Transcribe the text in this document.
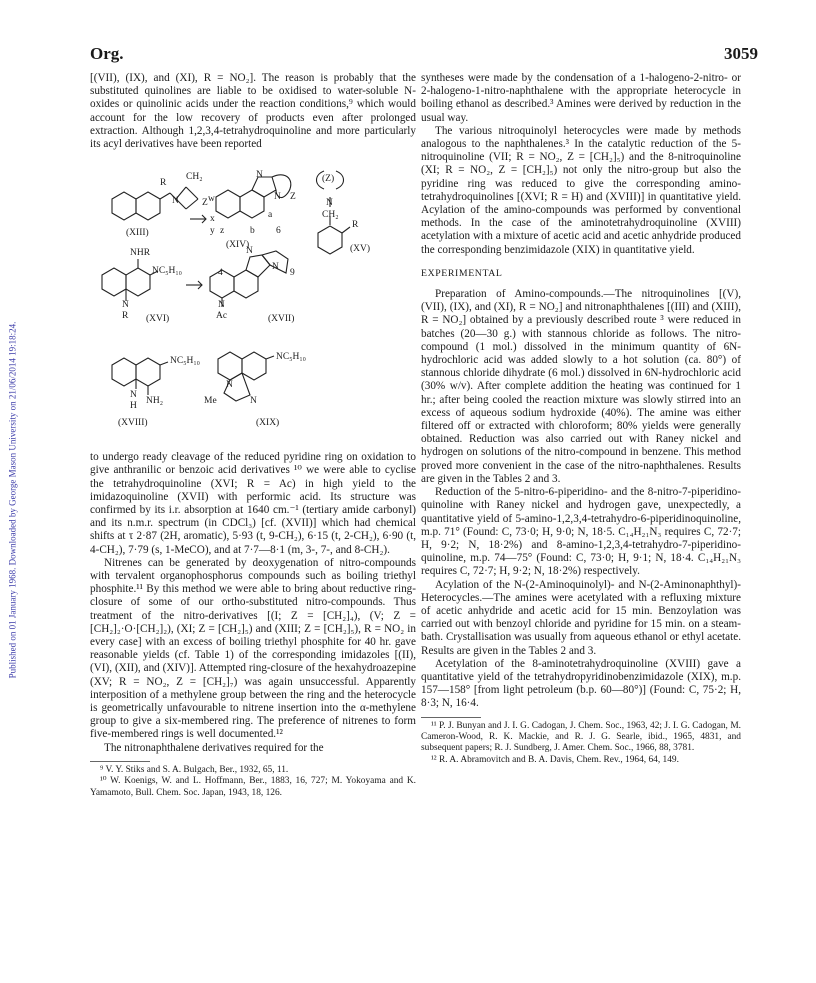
Published on 01 January 1968. Downloaded by George Mason University on 21/06/2014 19:18:24.
Org.	3059

[(VII), (IX), and (XI), R = NO₂]. The reason is probably that the substituted quinolines are liable to be oxidised to water-soluble N-oxides or quinolinic acids under the reaction conditions,⁹ which would account for the low recovery of products even after prolonged extraction. Although 1,2,3,4-tetrahydroquinoline and more particularly its acyl derivatives have been reported

R
CH₂
N Z
(XIII)
w
x
y z
a
b
N
N Z
(XIV)
(Z)
N
CH₂
R
(XV)
NHR
NC₅H₁₀
N
R (XVI)
6
N
N
9
4
N
Ac	(XVII)
NC₅H₁₀
N
H NH₂
(XVIII)
NC₅H₁₀
N
Me	N
(XIX)

to undergo ready cleavage of the reduced pyridine ring on oxidation to give anthranilic or benzoic acid derivatives ¹⁰ we were able to cyclise the tetrahydroquinoline (XVI; R = Ac) in high yield to the imidazoquinoline (XVII) with performic acid. Its structure was confirmed by its i.r. absorption at 1640 cm.⁻¹ (tertiary amide carbonyl) and its n.m.r. spectrum (in CDCl₃) [cf. (XVII)] which had chemical shifts at τ 2·87 (2H, aromatic), 5·93 (t, 9-CH₂), 6·15 (t, 2-CH₂), 6·90 (t, 4-CH₂), 7·79 (s, 1-MeCO), and at 7·7—8·1 (m, 3-, 7-, and 8-CH₂).

Nitrenes can be generated by deoxygenation of nitro-compounds with tervalent organophosphorus compounds such as boiling triethyl phosphite.¹¹ By this method we were able to bring about reductive ring-closure of some of our ortho-substituted nitro-compounds. Thus treatment of the nitro-derivatives [(I; Z = [CH₂]₄), (V; Z = [CH₂]₂·O·[CH₂]₂), (XI; Z = [CH₂]₅) and (XIII; Z = [CH₂]₅), R = NO₂ in every case] with an excess of boiling triethyl phosphite for 40 hr. gave reasonable yields (cf. Table 1) of the corresponding imidazoles [(II), (VI), (XII), and (XIV)]. Attempted ring-closure of the hexahydroazepine (XV; R = NO₂, Z = [CH₂]₇) was again unsuccessful. Apparently interposition of a methylene group between the ring and the heterocycle is geometrically unfavourable to nitrene insertion into the α-methylene group to give a six-membered ring. The preference of nitrenes to form five-membered rings is well documented.¹²

The nitronaphthalene derivatives required for the

⁹ V. Y. Stiks and S. A. Bulgach, Ber., 1932, 65, 11.

¹⁰ W. Koenigs, W. and L. Hoffmann, Ber., 1883, 16, 727; M. Yokoyama and K. Yamamoto, Bull. Chem. Soc. Japan, 1943, 18, 126.

syntheses were made by the condensation of a 1-halogeno-2-nitro- or 2-halogeno-1-nitro-naphthalene with the appropriate heterocycle in boiling ethanol as described.³ Amines were derived by reduction in the usual way.

The various nitroquinolyl heterocycles were made by methods analogous to the naphthalenes.³ In the catalytic reduction of the 5-nitroquinoline (VII; R = NO₂, Z = [CH₂]₅) and the 8-nitroquinoline (XI; R = NO₂, Z = [CH₂]₅) not only the nitro-group but also the pyridine ring was reduced to give the corresponding amino-tetrahydroquinolines [(XVI; R = H) and (XVIII)] in quantitative yield. Acylation of the amino-compounds was performed by conventional methods. In the case of the aminotetrahydroquinoline (XVIII) acetylation with a mixture of acetic acid and acetic anhydride produced the corresponding benzimidazole (XIX) in quantitative yield.

EXPERIMENTAL

Preparation of Amino-compounds.—The nitroquinolines [(V), (VII), (IX), and (XI), R = NO₂] and nitronaphthalenes [(III) and (XIII), R = NO₂] obtained by a previously described route ³ were reduced in batches (20—30 g.) with stannous chloride as follows. The nitro-compound (1 mol.) dissolved in the minimum quantity of 6N-hydrochloric acid was added slowly to a hot solution (ca. 80°) of stannous chloride dihydrate (6 mol.) dissolved in 6N-hydrochloric acid (30% w/v). After complete addition the heating was continued for 1 hr.; after being cooled the reaction mixture was slowly stirred into an excess of aqueous sodium hydroxide (40%). The amine was either filtered off or extracted with chloroform; 80% yields were generally obtained. Reduction was also carried out with Raney nickel and hydrogen on solutions of the nitro-compound in benzene. This method proved more convenient in the case of the nitro-naphthalenes. Results are given in the Tables 2 and 3.

Reduction of the 5-nitro-6-piperidino- and the 8-nitro-7-piperidino-quinoline with Raney nickel and hydrogen gave, unexpectedly, a quantitative yield of 5-amino-1,2,3,4-tetrahydro-6-piperidinoquinoline, m.p. 71° (Found: C, 73·0; H, 9·0; N, 18·5. C₁₄H₂₁N₃ requires C, 72·7; H, 9·2; N, 18·2%) and 8-amino-1,2,3,4-tetrahydro-7-piperidino-quinoline, m.p. 74—75° (Found: C, 73·0; H, 9·1; N, 18·4. C₁₄H₂₁N₃ requires C, 72·7; H, 9·2; N, 18·2%) respectively.

Acylation of the N-(2-Aminoquinolyl)- and N-(2-Aminonaphthyl)-Heterocycles.—The amines were acetylated with a refluxing mixture of acetic anhydride and acetic acid for 15 min. Benzoylation was carried out with benzoyl chloride and pyridine for 15 min. on a steam-bath. Crystallisation was usually from aqueous ethanol or ethyl acetate. Results are given in the Tables 2 and 3.

Acetylation of the 8-aminotetrahydroquinoline (XVIII) gave a quantitative yield of the tetrahydropyridinobenzimidazole (XIX), m.p. 157—158° [from light petroleum (b.p. 60—80°)] (Found: C, 75·2; H, 8·3; N, 16·4.

¹¹ P. J. Bunyan and J. I. G. Cadogan, J. Chem. Soc., 1963, 42; J. I. G. Cadogan, M. Cameron-Wood, R. K. Mackie, and R. J. G. Searle, ibid., 1965, 4831, and subsequent papers; R. J. Sundberg, J. Amer. Chem. Soc., 1966, 88, 3781.

¹² R. A. Abramovitch and B. A. Davis, Chem. Rev., 1964, 64, 149.
